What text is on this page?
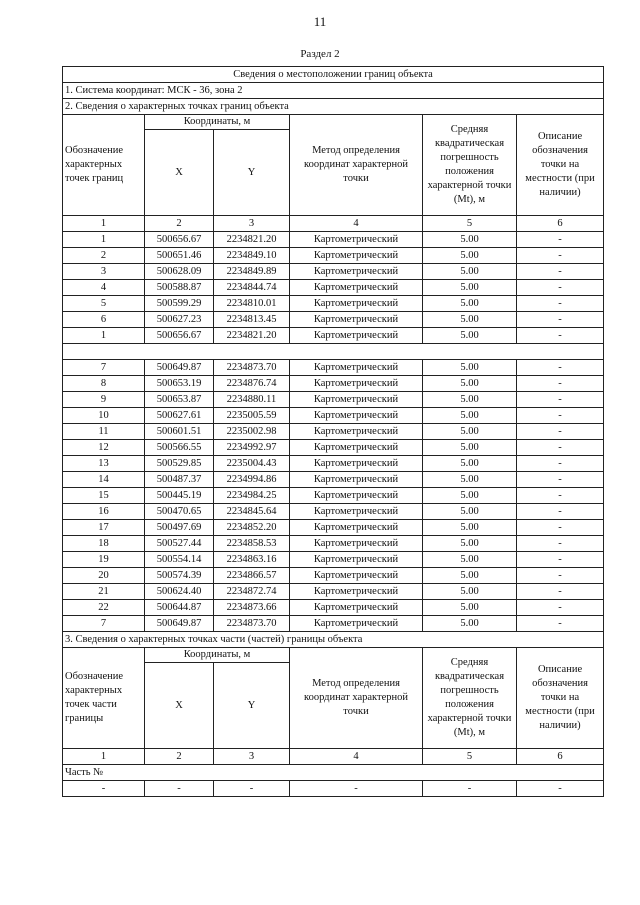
11
Раздел 2
Сведения о местоположении границ объекта					
1. Система координат: МСК - 36, зона 2					
2. Сведения о характерных точках границ объекта					
Обозначение характерных точек границ	Координаты, м		Метод определения координат характерной точки	Средняя квадратическая погрешность положения характерной точки (Mt), м	Описание обозначения точки на местности (при наличии)
	X	Y			
1	2	3	4	5	6
1	500656.67	2234821.20	Картометрический	5.00	-
2	500651.46	2234849.10	Картометрический	5.00	-
3	500628.09	2234849.89	Картометрический	5.00	-
4	500588.87	2234844.74	Картометрический	5.00	-
5	500599.29	2234810.01	Картометрический	5.00	-
6	500627.23	2234813.45	Картометрический	5.00	-
1	500656.67	2234821.20	Картометрический	5.00	-

7	500649.87	2234873.70	Картометрический	5.00	-
8	500653.19	2234876.74	Картометрический	5.00	-
9	500653.87	2234880.11	Картометрический	5.00	-
10	500627.61	2235005.59	Картометрический	5.00	-
11	500601.51	2235002.98	Картометрический	5.00	-
12	500566.55	2234992.97	Картометрический	5.00	-
13	500529.85	2235004.43	Картометрический	5.00	-
14	500487.37	2234994.86	Картометрический	5.00	-
15	500445.19	2234984.25	Картометрический	5.00	-
16	500470.65	2234845.64	Картометрический	5.00	-
17	500497.69	2234852.20	Картометрический	5.00	-
18	500527.44	2234858.53	Картометрический	5.00	-
19	500554.14	2234863.16	Картометрический	5.00	-
20	500574.39	2234866.57	Картометрический	5.00	-
21	500624.40	2234872.74	Картометрический	5.00	-
22	500644.87	2234873.66	Картометрический	5.00	-
7	500649.87	2234873.70	Картометрический	5.00	-
3. Сведения о характерных точках части (частей) границы объекта					

Обозначение
характерных
точек части
границы	Координаты, м		Метод определения координат характерной точки	Средняя квадратическая погрешность положения характерной точки (Mt), м	Описание обозначения точки на местности (при наличии)
	X	Y			
1	2	3	4	5	6
Часть №					
-	-	-	-	-	-
